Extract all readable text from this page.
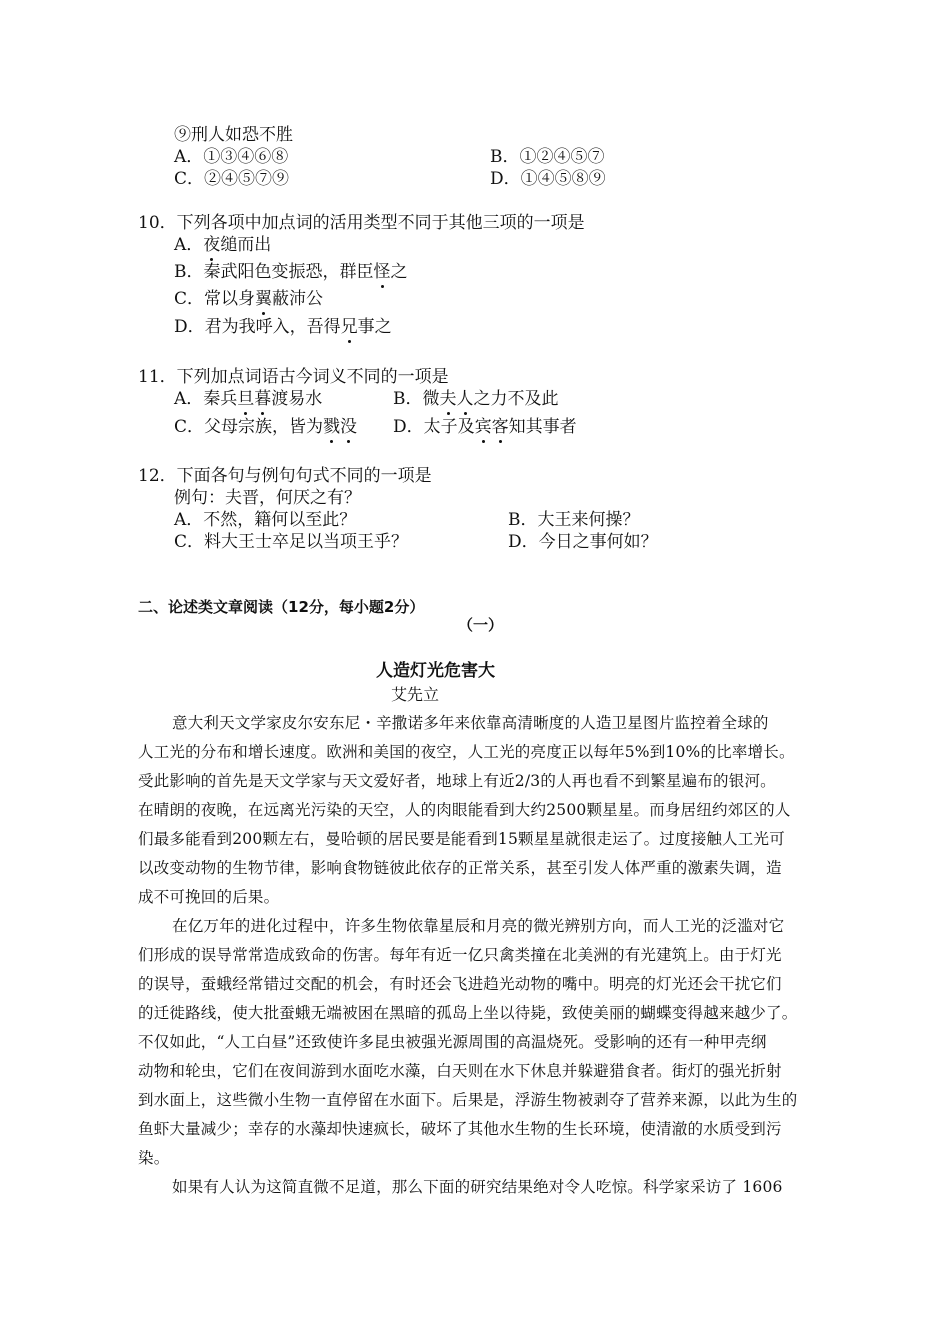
⑨刑人如恐不胜
A．①③④⑥⑧	B．①②④⑤⑦
C．②④⑤⑦⑨	D．①④⑤⑧⑨
10．下列各项中加点词的活用类型不同于其他三项的一项是
A．夜缒而出
B．秦武阳色变振恐，群臣怪之
C．常以身翼蔽沛公
D．君为我呼入，吾得兄事之
11．下列加点词语古今词义不同的一项是
A．秦兵旦暮渡易水	B．微夫人之力不及此
C．父母宗族，皆为戮没 D．太子及宾客知其事者
12．下面各句与例句句式不同的一项是
例句：夫晋，何厌之有？
A．不然，籍何以至此？	B．大王来何操？
C．料大王士卒足以当项王乎？	D．今日之事何如？
二、论述类文章阅读（12分，每小题2分）
（一）
人造灯光危害大
艾先立
意大利天文学家皮尔安东尼・辛撒诺多年来依靠高清晰度的人造卫星图片监控着全球的
人工光的分布和增长速度。欧洲和美国的夜空，人工光的亮度正以每年5%到10%的比率增长。
受此影响的首先是天文学家与天文爱好者，地球上有近2/3的人再也看不到繁星遍布的银河。
在晴朗的夜晚，在远离光污染的天空，人的肉眼能看到大约2500颗星星。而身居纽约郊区的人
们最多能看到200颗左右，曼哈顿的居民要是能看到15颗星星就很走运了。过度接触人工光可
以改变动物的生物节律，影响食物链彼此依存的正常关系，甚至引发人体严重的激素失调，造
成不可挽回的后果。
在亿万年的进化过程中，许多生物依靠星辰和月亮的微光辨别方向，而人工光的泛滥对它
们形成的误导常常造成致命的伤害。每年有近一亿只禽类撞在北美洲的有光建筑上。由于灯光
的误导，蚕蛾经常错过交配的机会，有时还会飞进趋光动物的嘴中。明亮的灯光还会干扰它们
的迁徙路线，使大批蚕蛾无端被困在黑暗的孤岛上坐以待毙，致使美丽的蝴蝶变得越来越少了。
不仅如此，“人工白昼”还致使许多昆虫被强光源周围的高温烧死。受影响的还有一种甲壳纲
动物和轮虫，它们在夜间游到水面吃水藻，白天则在水下休息并躲避猎食者。街灯的强光折射
到水面上，这些微小生物一直停留在水面下。后果是，浮游生物被剥夺了营养来源，以此为生的
鱼虾大量减少；幸存的水藻却快速疯长，破坏了其他水生物的生长环境，使清澈的水质受到污
染。
如果有人认为这简直微不足道，那么下面的研究结果绝对令人吃惊。科学家采访了 1606
